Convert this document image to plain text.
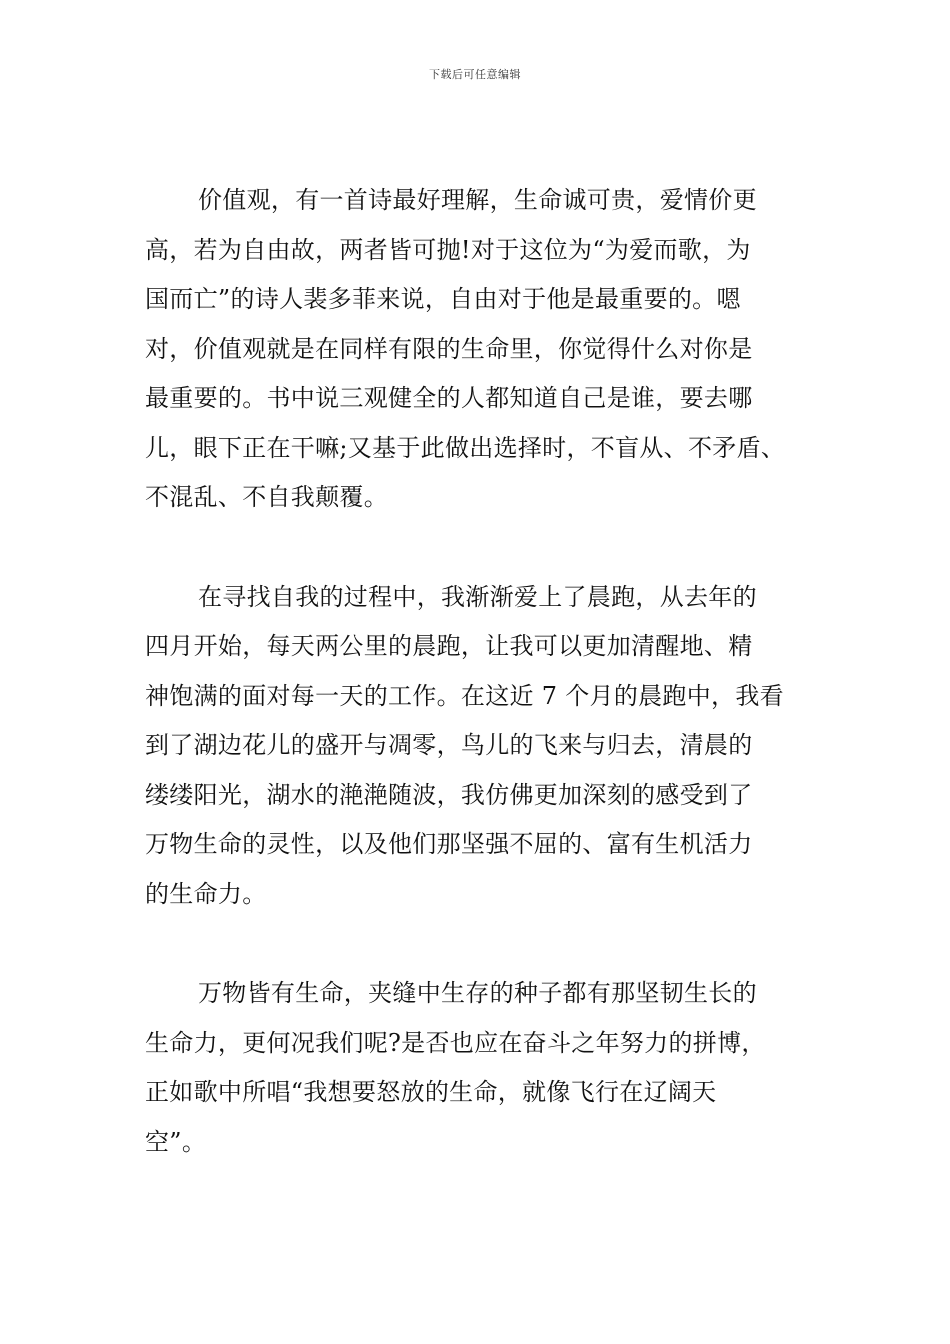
下载后可任意编辑
价值观，有一首诗最好理解，生命诚可贵，爱情价更
高，若为自由故，两者皆可抛!对于这位为“为爱而歌，为
国而亡”的诗人裴多菲来说，自由对于他是最重要的。嗯
对，价值观就是在同样有限的生命里，你觉得什么对你是
最重要的。书中说三观健全的人都知道自己是谁，要去哪
儿，眼下正在干嘛;又基于此做出选择时，不盲从、不矛盾、
不混乱、不自我颠覆。
在寻找自我的过程中，我渐渐爱上了晨跑，从去年的
四月开始，每天两公里的晨跑，让我可以更加清醒地、精
神饱满的面对每一天的工作。在这近 7 个月的晨跑中，我看
到了湖边花儿的盛开与凋零，鸟儿的飞来与归去，清晨的
缕缕阳光，湖水的滟滟随波，我仿佛更加深刻的感受到了
万物生命的灵性，以及他们那坚强不屈的、富有生机活力
的生命力。
万物皆有生命，夹缝中生存的种子都有那坚韧生长的
生命力，更何况我们呢?是否也应在奋斗之年努力的拼博，
正如歌中所唱“我想要怒放的生命，就像飞行在辽阔天
空”。
